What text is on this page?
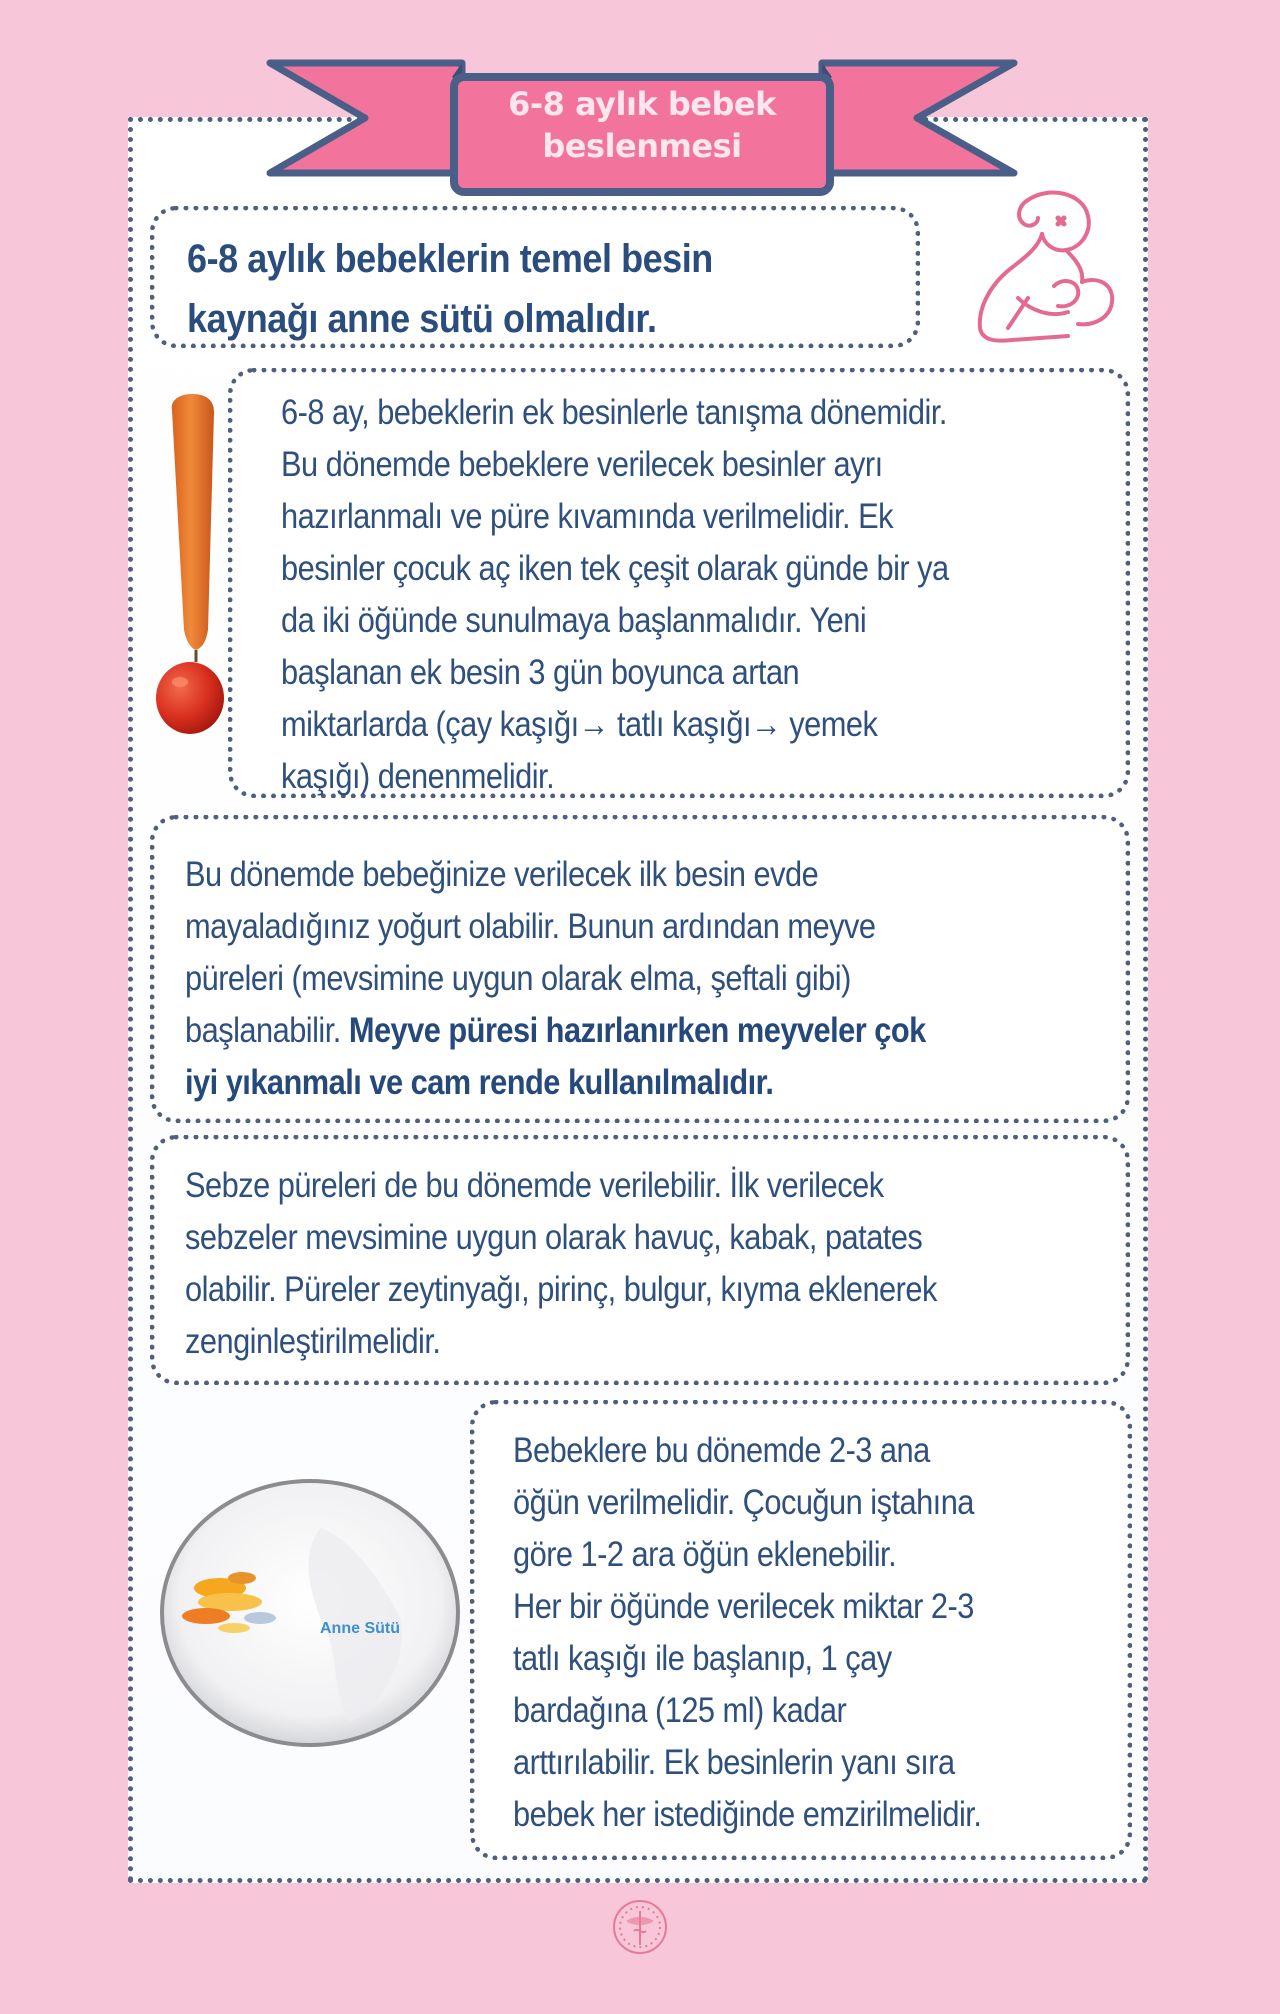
6-8 aylık bebek
beslenmesi
6-8 aylık bebeklerin temel besin
kaynağı anne sütü olmalıdır.
6-8 ay, bebeklerin ek besinlerle tanışma dönemidir.
Bu dönemde bebeklere verilecek besinler ayrı
hazırlanmalı ve püre kıvamında verilmelidir. Ek
besinler çocuk aç iken tek çeşit olarak günde bir ya
da iki öğünde sunulmaya başlanmalıdır. Yeni
başlanan ek besin 3 gün boyunca artan
miktarlarda (çay kaşığı→ tatlı kaşığı→ yemek
kaşığı) denenmelidir.
Bu dönemde bebeğinize verilecek ilk besin evde
mayaladığınız yoğurt olabilir. Bunun ardından meyve
püreleri (mevsimine uygun olarak elma, şeftali gibi)
başlanabilir. Meyve püresi hazırlanırken meyveler çok
iyi yıkanmalı ve cam rende kullanılmalıdır.
Sebze püreleri de bu dönemde verilebilir. İlk verilecek
sebzeler mevsimine uygun olarak havuç, kabak, patates
olabilir. Püreler zeytinyağı, pirinç, bulgur, kıyma eklenerek
zenginleştirilmelidir.
Anne Sütü
Bebeklere bu dönemde 2-3 ana
öğün verilmelidir. Çocuğun iştahına
göre 1-2 ara öğün eklenebilir.
Her bir öğünde verilecek miktar 2-3
tatlı kaşığı ile başlanıp, 1 çay
bardağına (125 ml) kadar
arttırılabilir. Ek besinlerin yanı sıra
bebek her istediğinde emzirilmelidir.
